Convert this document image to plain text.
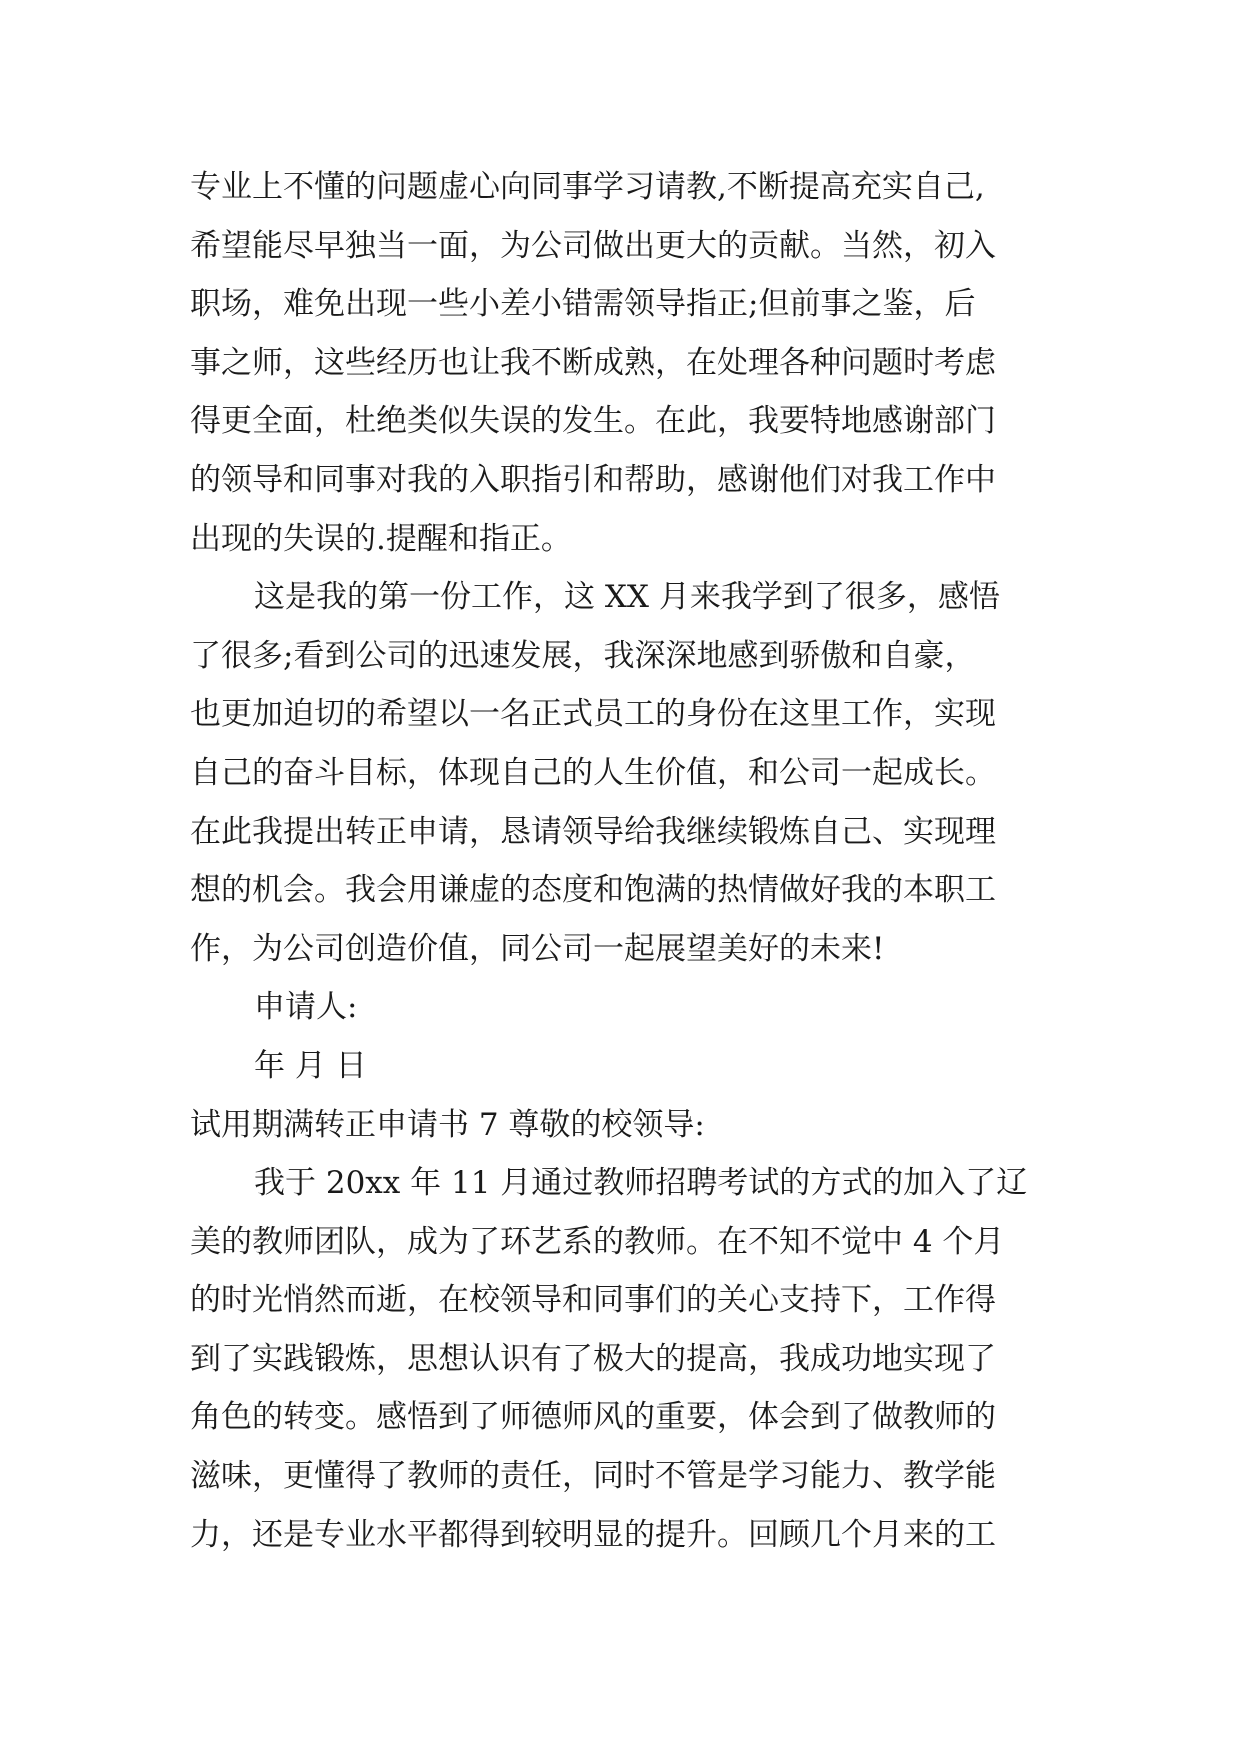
专业上不懂的问题虚心向同事学习请教,不断提高充实自己,
希望能尽早独当一面，为公司做出更大的贡献。当然，初入
职场，难免出现一些小差小错需领导指正;但前事之鉴，后
事之师，这些经历也让我不断成熟，在处理各种问题时考虑
得更全面，杜绝类似失误的发生。在此，我要特地感谢部门
的领导和同事对我的入职指引和帮助，感谢他们对我工作中
出现的失误的.提醒和指正。
这是我的第一份工作，这 XX 月来我学到了很多，感悟
了很多;看到公司的迅速发展，我深深地感到骄傲和自豪，
也更加迫切的希望以一名正式员工的身份在这里工作，实现
自己的奋斗目标，体现自己的人生价值，和公司一起成长。
在此我提出转正申请，恳请领导给我继续锻炼自己、实现理
想的机会。我会用谦虚的态度和饱满的热情做好我的本职工
作，为公司创造价值，同公司一起展望美好的未来!
申请人:
年 月 日
试用期满转正申请书 7 尊敬的校领导:
我于 20xx 年 11 月通过教师招聘考试的方式的加入了辽
美的教师团队，成为了环艺系的教师。在不知不觉中 4 个月
的时光悄然而逝，在校领导和同事们的关心支持下，工作得
到了实践锻炼，思想认识有了极大的提高，我成功地实现了
角色的转变。感悟到了师德师风的重要，体会到了做教师的
滋味，更懂得了教师的责任，同时不管是学习能力、教学能
力，还是专业水平都得到较明显的提升。回顾几个月来的工
